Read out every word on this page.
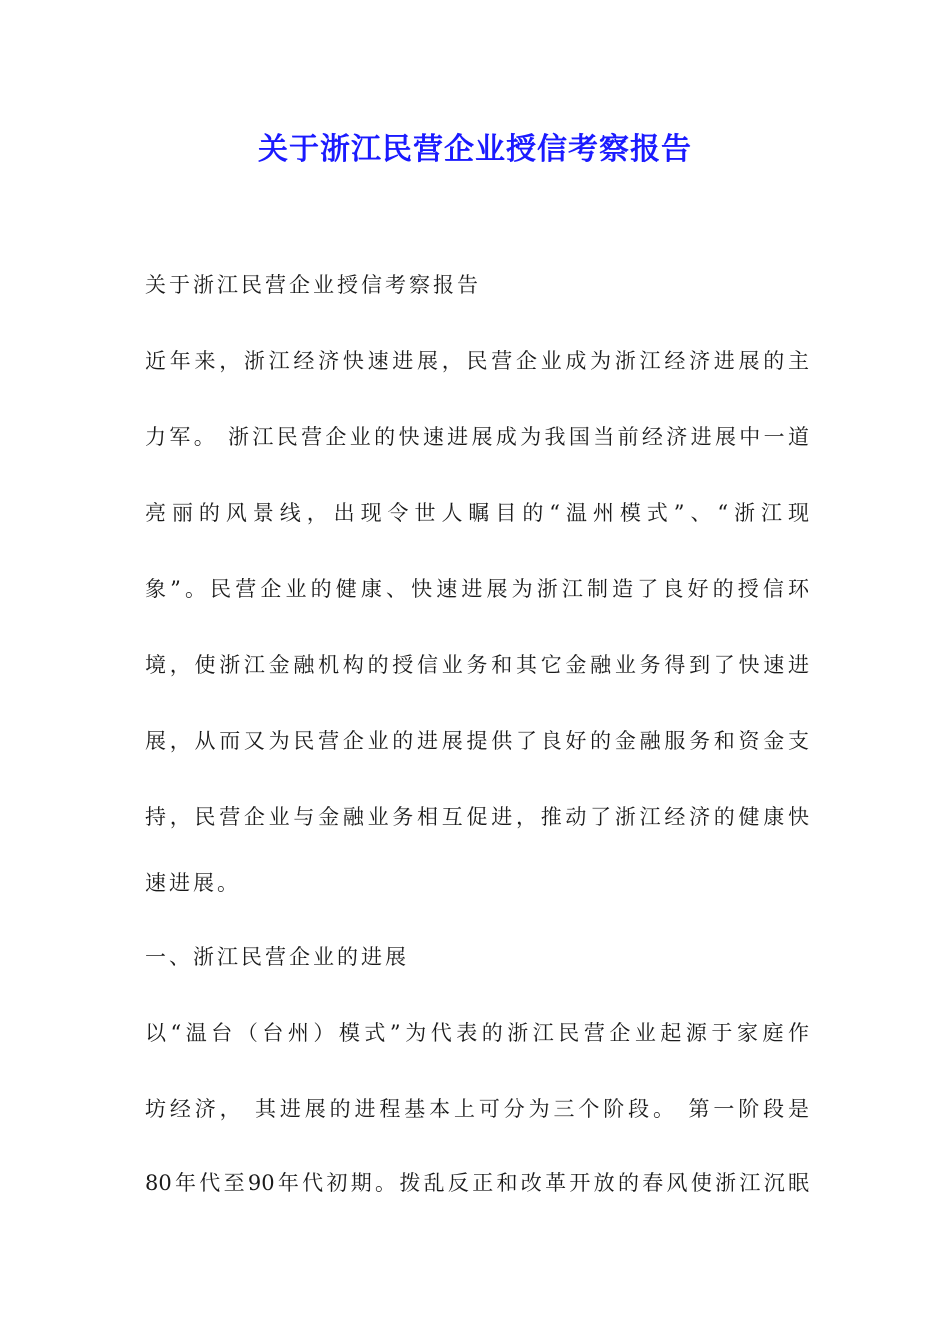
关于浙江民营企业授信考察报告
关于浙江民营企业授信考察报告
近年来，浙江经济快速进展，民营企业成为浙江经济进展的主
力军。 浙江民营企业的快速进展成为我国当前经济进展中一道
亮丽的风景线，出现令世人瞩目的“温州模式”、“浙江现
象”。民营企业的健康、快速进展为浙江制造了良好的授信环
境，使浙江金融机构的授信业务和其它金融业务得到了快速进
展，从而又为民营企业的进展提供了良好的金融服务和资金支
持，民营企业与金融业务相互促进，推动了浙江经济的健康快
速进展。
一、浙江民营企业的进展
以“温台（台州）模式”为代表的浙江民营企业起源于家庭作
坊经济， 其进展的进程基本上可分为三个阶段。 第一阶段是
80年代至90年代初期。拨乱反正和改革开放的春风使浙江沉眠
